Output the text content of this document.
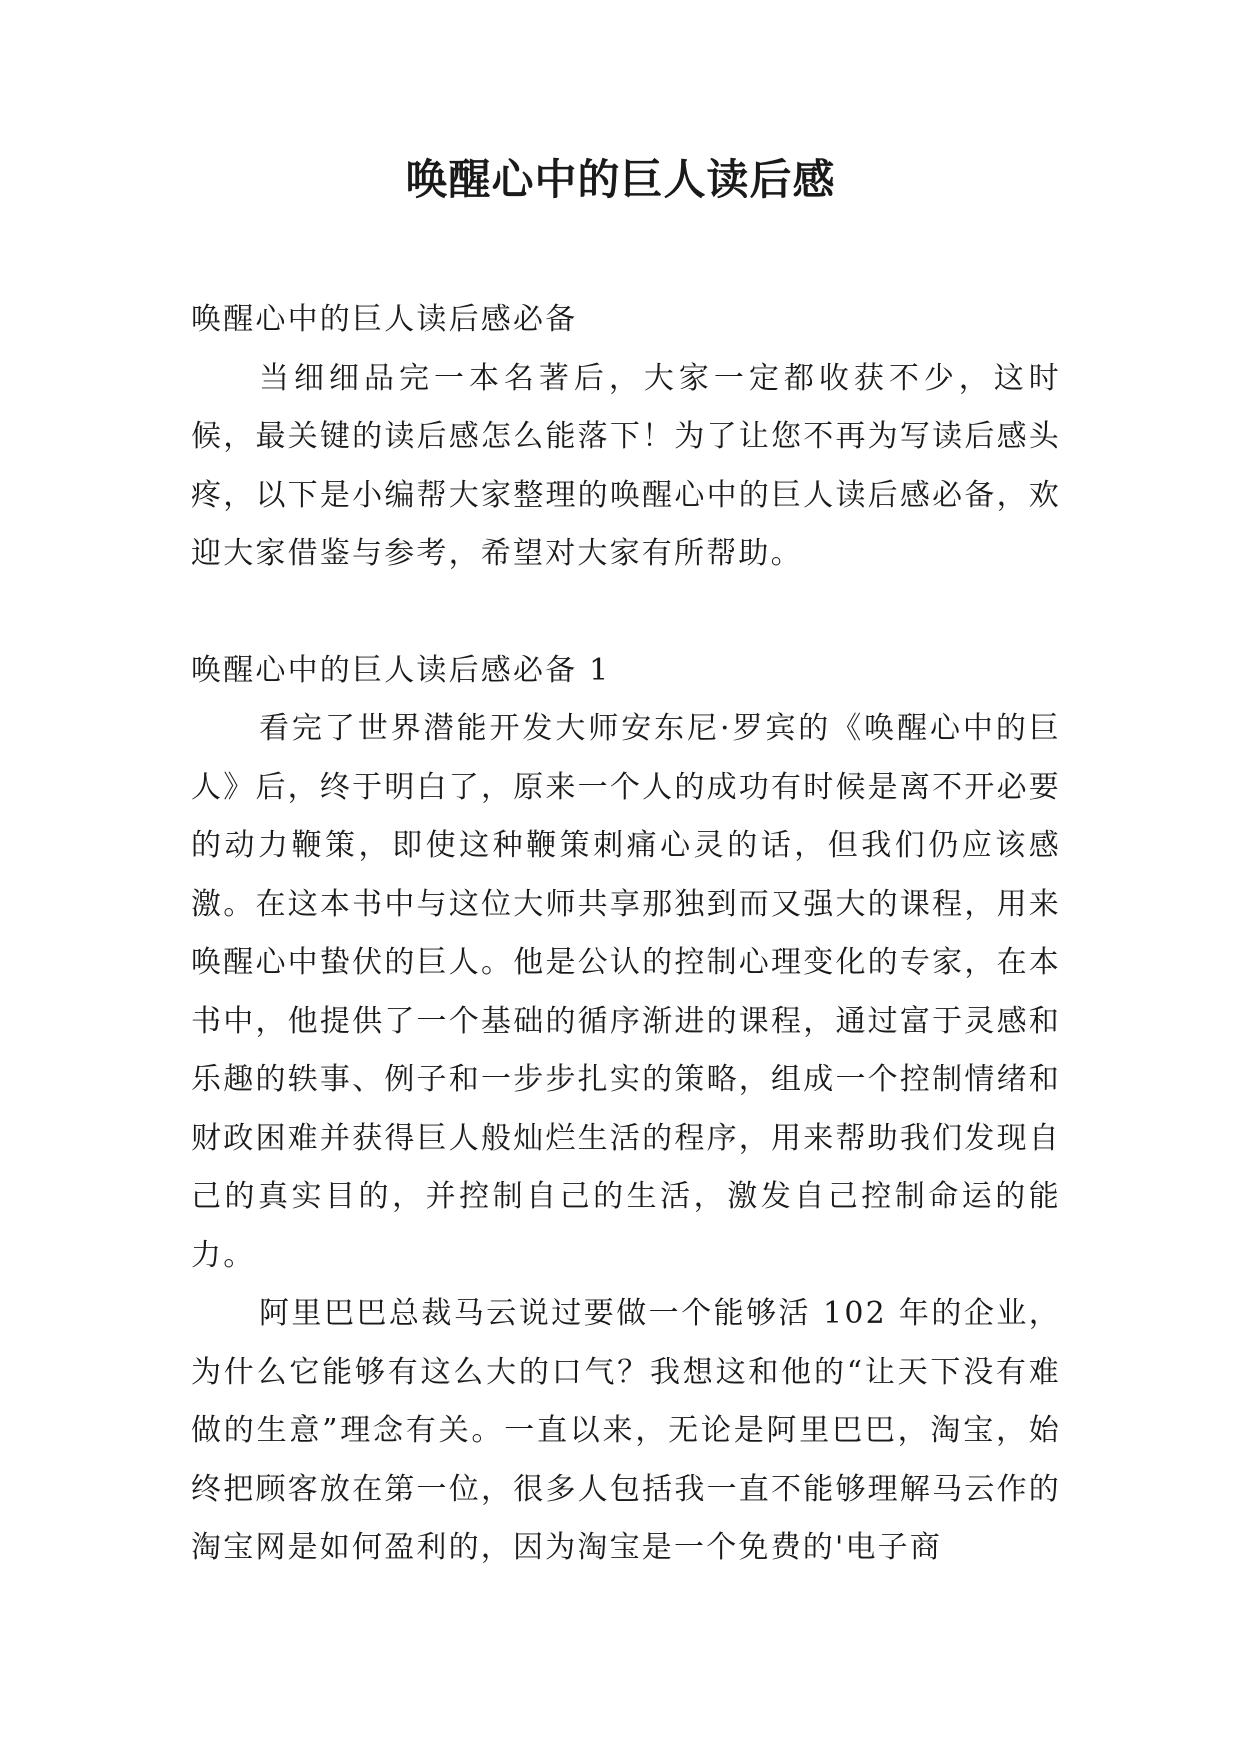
唤醒心中的巨人读后感

唤醒心中的巨人读后感必备

当细细品完一本名著后，大家一定都收获不少，这时候，最关键的读后感怎么能落下！为了让您不再为写读后感头疼，以下是小编帮大家整理的唤醒心中的巨人读后感必备，欢迎大家借鉴与参考，希望对大家有所帮助。

唤醒心中的巨人读后感必备 1

看完了世界潜能开发大师安东尼·罗宾的《唤醒心中的巨人》后，终于明白了，原来一个人的成功有时候是离不开必要的动力鞭策，即使这种鞭策刺痛心灵的话，但我们仍应该感激。在这本书中与这位大师共享那独到而又强大的课程，用来唤醒心中蛰伏的巨人。他是公认的控制心理变化的专家，在本书中，他提供了一个基础的循序渐进的课程，通过富于灵感和乐趣的轶事、例子和一步步扎实的策略，组成一个控制情绪和财政困难并获得巨人般灿烂生活的程序，用来帮助我们发现自己的真实目的，并控制自己的生活，激发自己控制命运的能力。

阿里巴巴总裁马云说过要做一个能够活 102 年的企业，为什么它能够有这么大的口气？我想这和他的“让天下没有难做的生意”理念有关。一直以来，无论是阿里巴巴，淘宝，始终把顾客放在第一位，很多人包括我一直不能够理解马云作的淘宝网是如何盈利的，因为淘宝是一个免费的'电子商
